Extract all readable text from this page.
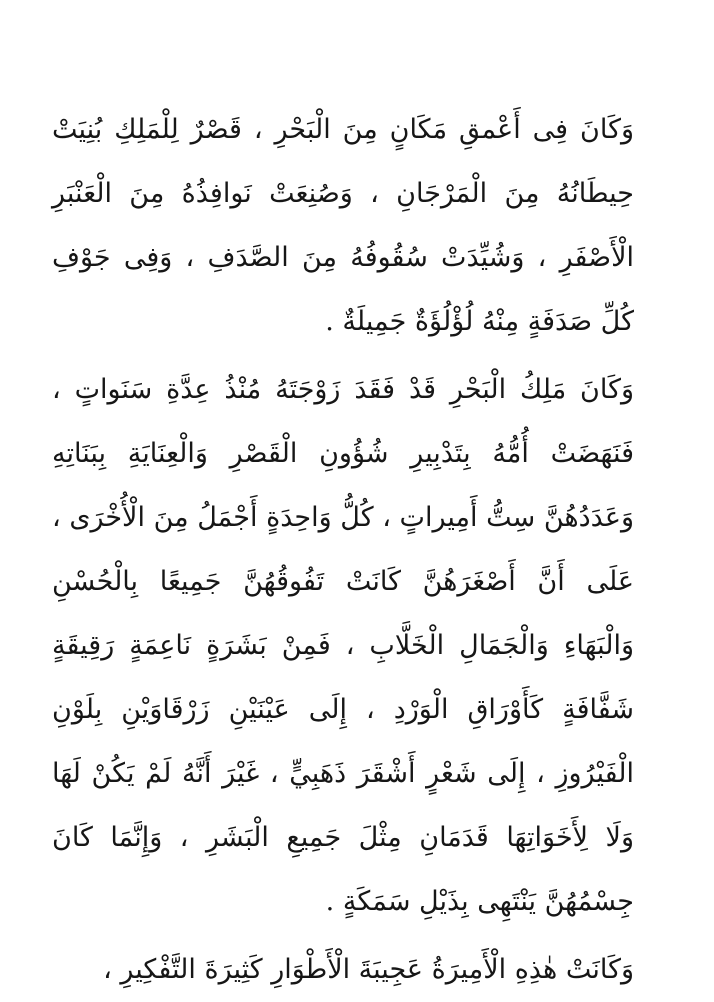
وَكَانَ فِى أَعْمقِ مَكَانٍ مِنَ الْبَحْرِ ، قَصْرٌ لِلْمَلِكِ بُنِيَتْ حِيطَانُهُ مِنَ الْمَرْجَانِ ، وَصُنِعَتْ نَوافِذُهُ مِنَ الْعَنْبَرِ الْأَصْفَرِ ، وَشُيِّدَتْ سُقُوفُهُ مِنَ الصَّدَفِ ، وَفِى جَوْفِ كُلِّ صَدَفَةٍ مِنْهُ لُؤْلُؤَةٌ جَمِيلَةٌ .

وَكَانَ مَلِكُ الْبَحْرِ قَدْ فَقَدَ زَوْجَتَهُ مُنْذُ عِدَّةِ سَنَواتٍ ، فَنَهَضَتْ أُمُّهُ بِتَدْبِيرِ شُؤُونِ الْقَصْرِ وَالْعِنَايَةِ بِبَنَاتِهِ وَعَدَدُهُنَّ سِتُّ أَمِيراتٍ ، كُلُّ وَاحِدَةٍ أَجْمَلُ مِنَ الْأُخْرَى ، عَلَى أَنَّ أَصْغَرَهُنَّ كَانَتْ تَفُوقُهُنَّ جَمِيعًا بِالْحُسْنِ وَالْبَهَاءِ وَالْجَمَالِ الْخَلَّابِ ، فَمِنْ بَشَرَةٍ نَاعِمَةٍ رَقِيقَةٍ شَفَّافَةٍ كَأَوْرَاقِ الْوَرْدِ ، إِلَى عَيْنَيْنِ زَرْقَاوَيْنِ بِلَوْنِ الْفَيْرُوزِ ، إِلَى شَعْرٍ أَشْقَرَ ذَهَبِيٍّ ، غَيْرَ أَنَّهُ لَمْ يَكُنْ لَهَا وَلَا لِأَخَوَاتِهَا قَدَمَانِ مِثْلَ جَمِيعِ الْبَشَرِ ، وَإِنَّمَا كَانَ جِسْمُهُنَّ يَنْتَهِى بِذَيْلِ سَمَكَةٍ .

وَكَانَتْ هٰذِهِ الْأَمِيرَةُ عَجِيبَةَ الْأَطْوَارِ كَثِيرَةَ التَّفْكِيرِ ،
